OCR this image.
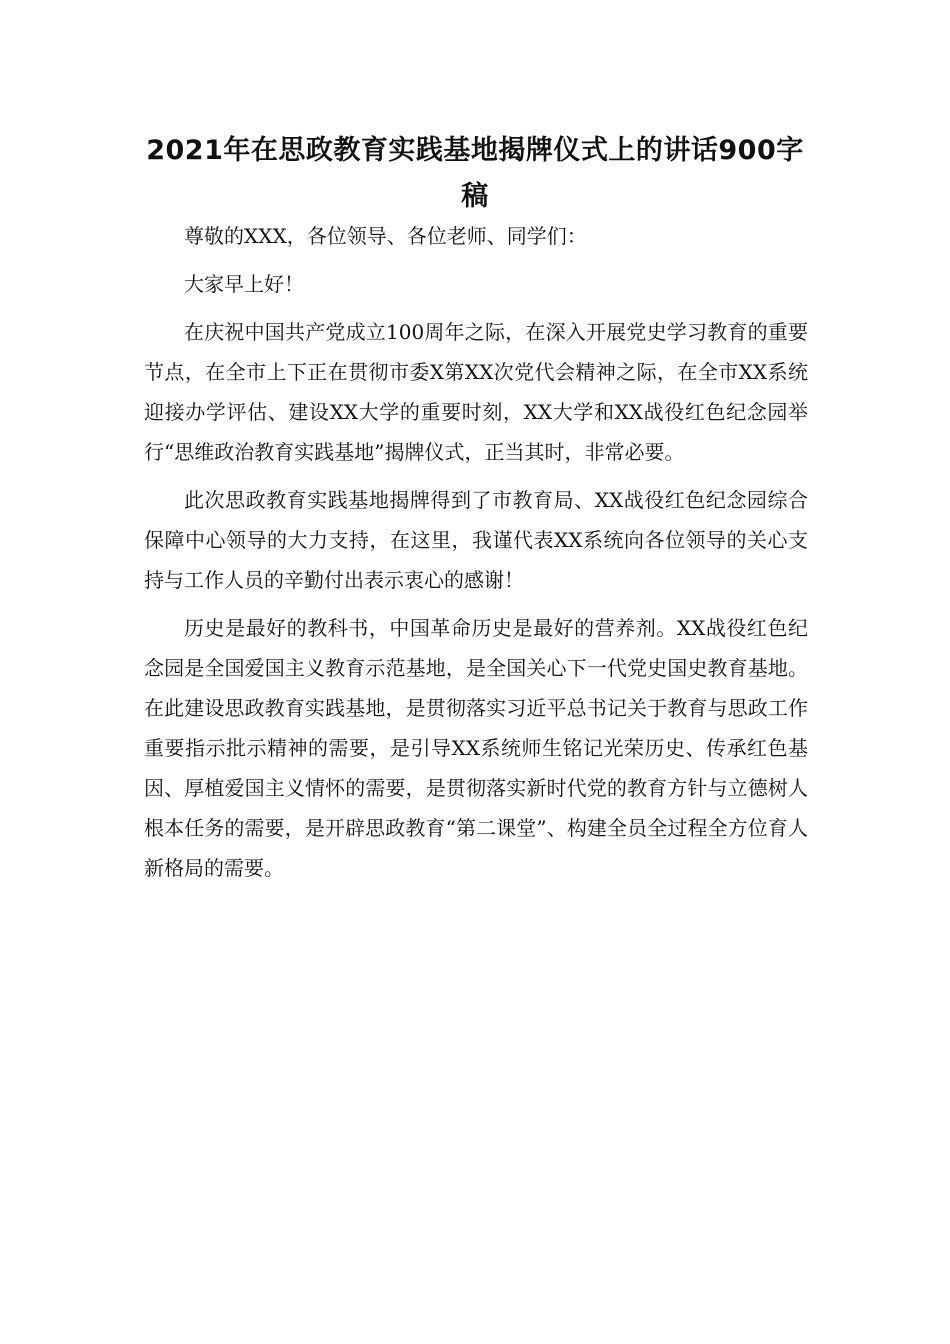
2021年在思政教育实践基地揭牌仪式上的讲话900字稿

尊敬的XXX，各位领导、各位老师、同学们：

大家早上好！

在庆祝中国共产党成立100周年之际，在深入开展党史学习教育的重要节点，在全市上下正在贯彻市委X第XX次党代会精神之际，在全市XX系统迎接办学评估、建设XX大学的重要时刻，XX大学和XX战役红色纪念园举行“思维政治教育实践基地”揭牌仪式，正当其时，非常必要。

此次思政教育实践基地揭牌得到了市教育局、XX战役红色纪念园综合保障中心领导的大力支持，在这里，我谨代表XX系统向各位领导的关心支持与工作人员的辛勤付出表示衷心的感谢！

历史是最好的教科书，中国革命历史是最好的营养剂。XX战役红色纪念园是全国爱国主义教育示范基地，是全国关心下一代党史国史教育基地。在此建设思政教育实践基地，是贯彻落实习近平总书记关于教育与思政工作重要指示批示精神的需要，是引导XX系统师生铭记光荣历史、传承红色基因、厚植爱国主义情怀的需要，是贯彻落实新时代党的教育方针与立德树人根本任务的需要，是开辟思政教育“第二课堂”、构建全员全过程全方位育人新格局的需要。
